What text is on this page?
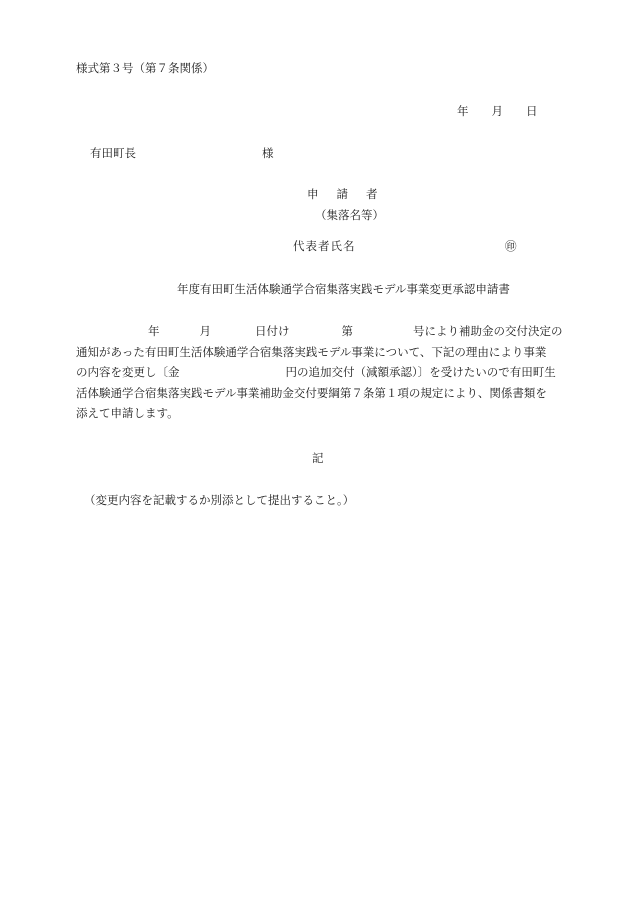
様式第３号（第７条関係）
年 月 日
有田町長	様
申 請 者
（集落名等）
代表者氏名	㊞
年度有田町生活体験通学合宿集落実践モデル事業変更承認申請書
年	月	日付け	第	号により補助金の交付決定の
通知があった有田町生活体験通学合宿集落実践モデル事業について、下記の理由により事業
の内容を変更し〔金	円の追加交付（減額承認）〕を受けたいので有田町生
活体験通学合宿集落実践モデル事業補助金交付要綱第７条第１項の規定により、関係書類を
添えて申請します。
記
（変更内容を記載するか別添として提出すること。）
